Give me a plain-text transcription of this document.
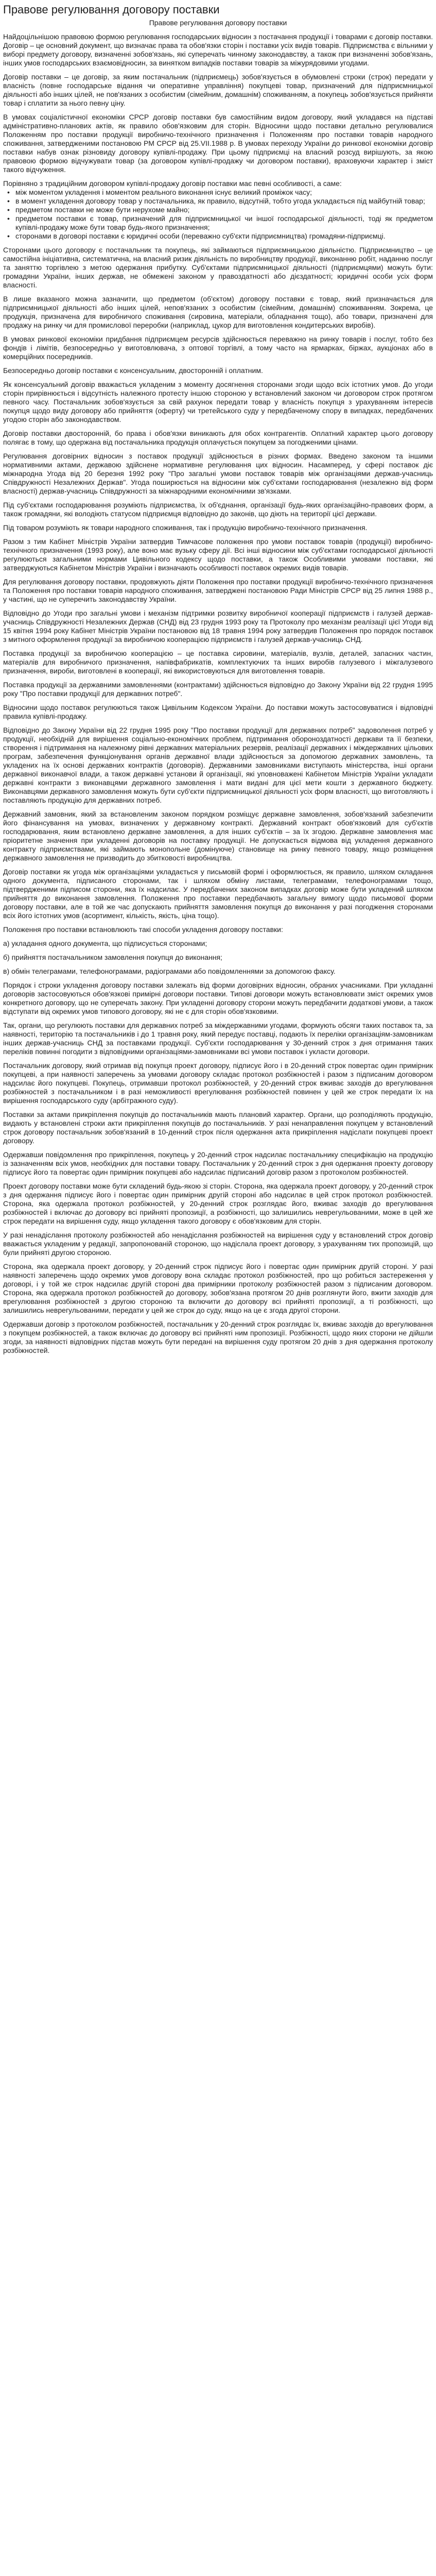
Правове регулювання договору поставки
Правове регулювання договору поставки

Найдоцільнішою правовою формою регулювання господарських відносин з постачання продукції і товарами є договір поставки. Договір – це основний документ, що визначає права та обов'язки сторін і поставки усіх видів товарів. Підприємства є вільними у виборі предмету договору, визначенні зобов'язань, які суперечать чинному законодавству, а також при визначенні зобов'язань, інших умов господарських взаємовідносин, за винятком випадків поставки товарів за міжурядовими угодами.

Договір поставки – це договір, за яким постачальник (підприємець) зобов'язується в обумовлені строки (строк) передати у власність (повне господарське відання чи оперативне управління) покупцеві товар, призначений для підприємницької діяльності або інших цілей, не пов'язаних з особистим (сімейним, домашнім) споживанням, а покупець зобов'язується прийняти товар і сплатити за нього певну ціну.

В умовах соціалістичної економіки СРСР договір поставки був самостійним видом договору, який укладався на підставі адміністративно-планових актів, як правило обов'язковим для сторін. Відносини щодо поставки детально регулювалися Положенням про поставки продукції виробничо-технічного призначення і Положенням про поставки товарів народного споживання, затвердженими постановою РМ СРСР від 25.VII.1988 р. В умовах переходу України до ринкової економіки договір поставки набув ознак різновиду договору купівлі-продажу. При цьому підприємці на власний розсуд вирішують, за якою правовою формою відчужувати товар (за договором купівлі-продажу чи договором поставки), враховуючи характер і зміст такого відчуження.

Порівняно з традиційним договором купівлі-продажу договір поставки має певні особливості, а саме:

• між моментом укладення і моментом реального виконання існує великий проміжок часу;
• в момент укладення договору товар у постачальника, як правило, відсутній, тобто угода укладається під майбутній товар;
• предметом поставки не може бути нерухоме майно;
• предметом поставки є товар, призначений для підприємницької чи іншої господарської діяльності, тоді як предметом купівлі-продажу може бути товар будь-якого призначення;
• сторонами в договорі поставки є юридичні особи (переважно суб'єкти підприємництва) громадяни-підприємці.

Сторонами цього договору є постачальник та покупець, які займаються підприємницькою діяльністю. Підприємництво – це самостійна ініціативна, систематична, на власний ризик діяльність по виробництву продукції, виконанню робіт, наданню послуг та заняттю торгівлею з метою одержання прибутку. Суб'єктами підприємницької діяльності (підприємцями) можуть бути: громадяни України, інших держав, не обмежені законом у правоздатності або дієздатності; юридичні особи усіх форм власності.

В лише вказаного можна зазначити, що предметом (об'єктом) договору поставки є товар, який призначається для підприємницької діяльності або інших цілей, непов'язаних з особистим (сімейним, домашнім) споживанням. Зокрема, це продукція, призначена для виробничого споживання (сировина, матеріали, обладнання тощо), або товари, призначені для продажу на ринку чи для промислової переробки (наприклад, цукор для виготовлення кондитерських виробів).

В умовах ринкової економіки придбання підприємцем ресурсів здійснюється переважно на ринку товарів і послуг, тобто без фондів і лімітів, безпосередньо у виготовлювача, з оптової торгівлі, а тому часто на ярмарках, біржах, аукціонах або в комерційних посередників.

Безпосередньо договір поставки є консенсуальним, двосторонній і оплатним.

Як консенсуальний договір вважається укладеним з моменту досягнення сторонами згоди щодо всіх істотних умов. До угоди сторін прирівнюється і відсутність належного протесту іншою стороною у встановлений законом чи договором строк протягом певного часу. Постачальник зобов'язується за свій рахунок передати товар у власність покупця з урахуванням інтересів покупця щодо виду договору або прийняття (оферту) чи третейського суду у передбаченому спору в випадках, передбачених угодою сторін або законодавством.

Договір поставки двосторонній, бо права і обов'язки виникають для обох контрагентів. Оплатний характер цього договору полягає в тому, що одержана від постачальника продукція оплачується покупцем за погодженими цінами.

Регулювання договірних відносин з поставок продукції здійснюється в різних формах. Введено законом та іншими нормативними актами, державою здійснене нормативне регулювання цих відносин. Насамперед, у сфері поставок діє міжнародна Угода від 20 березня 1992 року "Про загальні умови поставок товарів між організаціями держав-учасниць Співдружності Незалежних Держав". Угода поширюється на відносини між суб'єктами господарювання (незалежно від форм власності) держав-учасниць Співдружності за міжнародними економічними зв'язками.

Під суб'єктами господарювання розуміють підприємства, їх об'єднання, організації будь-яких організаційно-правових форм, а також громадяни, які володіють статусом підприємця відповідно до законів, що діють на території цієї держави.

Під товаром розуміють як товари народного споживання, так і продукцію виробничо-технічного призначення.

Разом з тим Кабінет Міністрів України затвердив Тимчасове положення про умови поставок товарів (продукції) виробничо-технічного призначення (1993 року), але воно має вузьку сферу дії. Всі інші відносини між суб'єктами господарської діяльності регулюються загальними нормами Цивільного кодексу щодо поставки, а також Особливими умовами поставки, які затверджуються Кабінетом Міністрів України і визначають особливості поставок окремих видів товарів.

Для регулювання договору поставки, продовжують діяти Положення про поставки продукції виробничо-технічного призначення та Положення про поставки товарів народного споживання, затверджені постановою Ради Міністрів СРСР від 25 липня 1988 р., у частині, що не суперечить законодавству України.

Відповідно до Угоди про загальні умови і механізм підтримки розвитку виробничої кооперації підприємств і галузей держав-учасниць Співдружності Незалежних Держав (СНД) від 23 грудня 1993 року та Протоколу про механізм реалізації цієї Угоди від 15 квітня 1994 року Кабінет Міністрів України постановою від 18 травня 1994 року затвердив Положення про порядок поставок з митного оформлення продукції за виробничою кооперацією підприємств і галузей держав-учасниць СНД.

Поставка продукції за виробничою кооперацією – це поставка сировини, матеріалів, вузлів, деталей, запасних частин, матеріалів для виробничого призначення, напівфабрикатів, комплектуючих та інших виробів галузевого і міжгалузевого призначення, вироби, виготовлені в кооперації, які використовуються для виготовлення товарів.

Поставка продукції за державними замовленнями (контрактами) здійснюється відповідно до Закону України від 22 грудня 1995 року "Про поставки продукції для державних потреб".

Відносини щодо поставок регулюються також Цивільним Кодексом України. До поставки можуть застосовуватися і відповідні правила купівлі-продажу.

Відповідно до Закону України від 22 грудня 1995 року "Про поставки продукції для державних потреб" задоволення потреб у продукції, необхідній для вирішення соціально-економічних проблем, підтримання обороноздатності держави та її безпеки, створення і підтримання на належному рівні державних матеріальних резервів, реалізації державних і міждержавних цільових програм, забезпечення функціонування органів державної влади здійснюється за допомогою державних замовлень, та укладених на їх основі державних контрактів (договорів). Державними замовниками виступають міністерства, інші органи державної виконавчої влади, а також державні установи й організації, які уповноважені Кабінетом Міністрів України укладати державні контракти з виконавцями державного замовлення і мати видані для цієї мети кошти з державного бюджету. Виконавцями державного замовлення можуть бути суб'єкти підприємницької діяльності усіх форм власності, що виготовляють і поставляють продукцію для державних потреб.

Державний замовник, який за встановленим законом порядком розміщує державне замовлення, зобов'язаний забезпечити його фінансування на умовах, визначених у державному контракті. Державний контракт обов'язковий для суб'єктів господарювання, яким встановлено державне замовлення, а для інших суб'єктів – за їх згодою. Державне замовлення має пріоритетне значення при укладенні договорів на поставку продукції. Не допускається відмова від укладення державного контракту підприємствами, які займають монопольне (домінуюче) становище на ринку певного товару, якщо розміщення державного замовлення не призводить до збитковості виробництва.

Договір поставки як угода між організаціями укладається у письмовій формі і оформлюється, як правило, шляхом складання одного документа, підписаного сторонами, так і шляхом обміну листами, телеграмами, телефонограмами тощо, підтвердженими підписом сторони, яка їх надсилає. У передбачених законом випадках договір може бути укладений шляхом прийняття до виконання замовлення. Положення про поставки передбачають загальну вимогу щодо письмової форми договору поставки, але в той же час допускають прийняття замовлення покупця до виконання у разі погодження сторонами всіх його істотних умов (асортимент, кількість, якість, ціна тощо).

Положення про поставки встановлюють такі способи укладення договору поставки:

а) укладання одного документа, що підписується сторонами;

б) прийняття постачальником замовлення покупця до виконання;

в) обмін телеграмами, телефонограмами, радіограмами або повідомленнями за допомогою факсу.

Порядок і строки укладення договору поставки залежать від форми договірних відносин, обраних учасниками. При укладанні договорів застосовуються обов'язкові примірні договори поставки. Типові договори можуть встановлювати зміст окремих умов конкретного договору, що не суперечать закону. При укладенні договору сторони можуть передбачити додаткові умови, а також відступати від окремих умов типового договору, які не є для сторін обов'язковими.

Так, органи, що регулюють поставки для державних потреб за міждержавними угодами, формують обсяги таких поставок та, за наявності, територію та постачальників і до 1 травня року, який передує поставці, подають їх переліки організаціям-замовникам інших держав-учасниць СНД за поставками продукції. Суб'єкти господарювання у 30-денний строк з дня отримання таких переліків повинні погодити з відповідними організаціями-замовниками всі умови поставок і укласти договори.

Постачальник договору, який отримав від покупця проект договору, підписує його і в 20-денний строк повертає один примірник покупцеві, а при наявності заперечень за умовами договору складає протокол розбіжностей і разом з підписаним договором надсилає його покупцеві. Покупець, отримавши протокол розбіжностей, у 20-денний строк вживає заходів до врегулювання розбіжностей з постачальником і в разі неможливості врегулювання розбіжностей повинен у цей же строк передати їх на вирішення господарського суду (арбітражного суду).

Поставки за актами прикріплення покупців до постачальників мають плановий характер. Органи, що розподіляють продукцію, видають у встановлені строки акти прикріплення покупців до постачальників. У разі ненаправлення покупцем у встановлений строк договору постачальник зобов'язаний в 10-денний строк після одержання акта прикріплення надіслати покупцеві проект договору.

Одержавши повідомлення про прикріплення, покупець у 20-денний строк надсилає постачальнику специфікацію на продукцію із зазначенням всіх умов, необхідних для поставки товару. Постачальник у 20-денний строк з дня одержання проекту договору підписує його та повертає один примірник покупцеві або надсилає підписаний договір разом з протоколом розбіжностей.

Проект договору поставки може бути складений будь-якою зі сторін. Сторона, яка одержала проект договору, у 20-денний строк з дня одержання підписує його і повертає один примірник другій стороні або надсилає в цей строк протокол розбіжностей. Сторона, яка одержала протокол розбіжностей, у 20-денний строк розглядає його, вживає заходів до врегулювання розбіжностей і включає до договору всі прийняті пропозиції, а розбіжності, що залишились неврегульованими, може в цей же строк передати на вирішення суду, якщо укладення такого договору є обов'язковим для сторін.

У разі ненадіслання протоколу розбіжностей або ненадіслання розбіжностей на вирішення суду у встановлений строк договір вважається укладеним у редакції, запропонованій стороною, що надіслала проект договору, з урахуванням тих пропозицій, що були прийняті другою стороною.

Сторона, яка одержала проект договору, у 20-денний строк підписує його і повертає один примірник другій стороні. У разі наявності заперечень щодо окремих умов договору вона складає протокол розбіжностей, про що робиться застереження у договорі, і у той же строк надсилає другій стороні два примірники протоколу розбіжностей разом з підписаним договором. Сторона, яка одержала протокол розбіжностей до договору, зобов'язана протягом 20 днів розглянути його, вжити заходів для врегулювання розбіжностей з другою стороною та включити до договору всі прийняті пропозиції, а ті розбіжності, що залишились неврегульованими, передати у цей же строк до суду, якщо на це є згода другої сторони.

Одержавши договір з протоколом розбіжностей, постачальник у 20-денний строк розглядає їх, вживає заходів до врегулювання з покупцем розбіжностей, а також включає до договору всі прийняті ним пропозиції. Розбіжності, щодо яких сторони не дійшли згоди, за наявності відповідних підстав можуть бути передані на вирішення суду протягом 20 днів з дня одержання протоколу розбіжностей.
